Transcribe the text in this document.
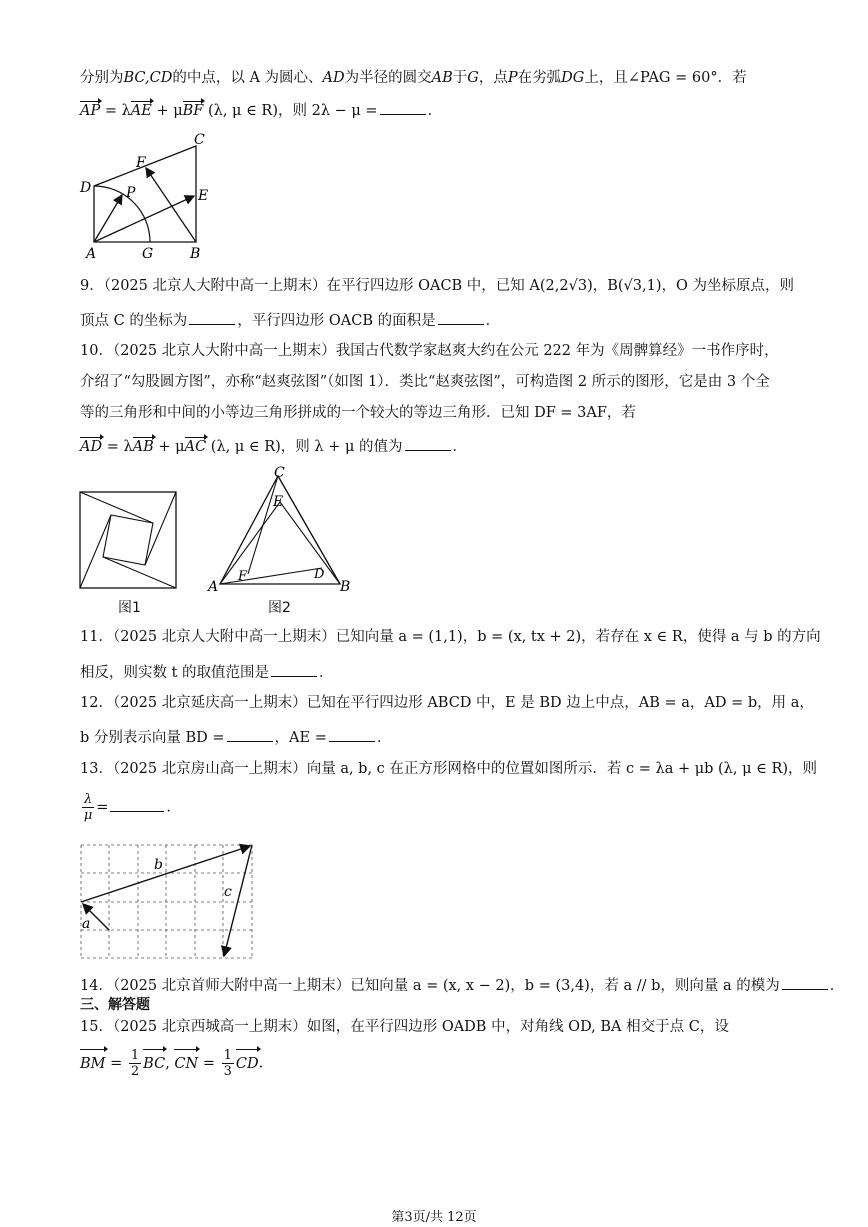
分别为BC,CD的中点，以 A 为圆心、AD为半径的圆交AB于G，点P在劣弧DG上，且∠PAG = 60°．若
AP = λAE + μBF (λ, μ ∈ R)，则 2λ − μ =	．
C
F
D P	E
A	G	B
9．（2025 北京人大附中高一上期末）在平行四边形 OACB 中，已知 A(2,2√3)，B(√3,1)，O 为坐标原点，则
顶点 C 的坐标为	，平行四边形 OACB 的面积是	．
10．（2025 北京人大附中高一上期末）我国古代数学家赵爽大约在公元 222 年为《周髀算经》一书作序时，
介绍了“勾股圆方图”，亦称“赵爽弦图”（如图 1）．类比“赵爽弦图”，可构造图 2 所示的图形，它是由 3 个全
等的三角形和中间的小等边三角形拼成的一个较大的等边三角形．已知 DF = 3AF，若
AD = λAB + μAC (λ, μ ∈ R)，则 λ + μ 的值为	．
图1
C
E
F	D
A	B
图2
11．（2025 北京人大附中高一上期末）已知向量 a = (1,1)，b = (x, tx + 2)，若存在 x ∈ R，使得 a 与 b 的方向
相反，则实数 t 的取值范围是	．
12．（2025 北京延庆高一上期末）已知在平行四边形 ABCD 中，E 是 BD 边上中点，AB = a，AD = b，用 a，
b 分别表示向量 BD =	，AE =	．
13．（2025 北京房山高一上期末）向量 a, b, c 在正方形网格中的位置如图所示．若 c = λa + μb (λ, μ ∈ R)，则
$\frac{\lambda}{\mu}$ =	．
b
c
a
14．（2025 北京首师大附中高一上期末）已知向量 a = (x, x − 2)，b = (3,4)，若 a // b，则向量 a 的模为	．
三、解答题
15．（2025 北京西城高一上期末）如图，在平行四边形 OADB 中，对角线 OD, BA 相交于点 C，设
BM = $\frac{1}{2}$ BC, CN = $\frac{1}{3}$ CD.
第3页/共 12页
